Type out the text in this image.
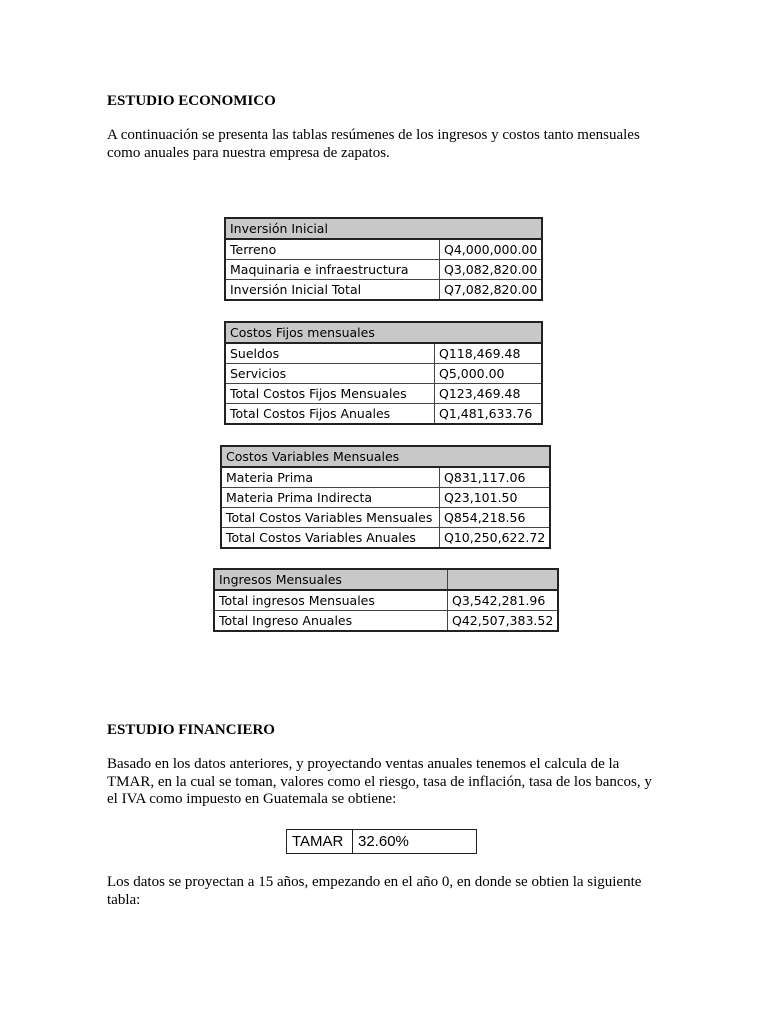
ESTUDIO ECONOMICO
A continuación se presenta las tablas resúmenes de los ingresos y costos tanto mensuales como anuales para nuestra empresa de zapatos.
Inversión Inicial	
Terreno	Q4,000,000.00
Maquinaria e infraestructura	Q3,082,820.00
Inversión Inicial Total	Q7,082,820.00
Costos Fijos mensuales	
Sueldos	Q118,469.48
Servicios	Q5,000.00
Total Costos Fijos Mensuales	Q123,469.48
Total Costos Fijos Anuales	Q1,481,633.76
Costos Variables Mensuales	
Materia Prima	Q831,117.06
Materia Prima Indirecta	Q23,101.50
Total Costos Variables Mensuales	Q854,218.56
Total Costos Variables Anuales	Q10,250,622.72
Ingresos Mensuales	
Total ingresos Mensuales	Q3,542,281.96
Total Ingreso Anuales	Q42,507,383.52
ESTUDIO FINANCIERO
Basado en los datos anteriores, y proyectando ventas anuales tenemos el calcula de la TMAR, en la cual se toman, valores como el riesgo, tasa de inflación, tasa de los bancos, y el IVA como impuesto en Guatemala se obtiene:
TAMAR	32.60%
Los datos se proyectan a 15 años, empezando en el año 0, en donde se obtien la siguiente tabla:
